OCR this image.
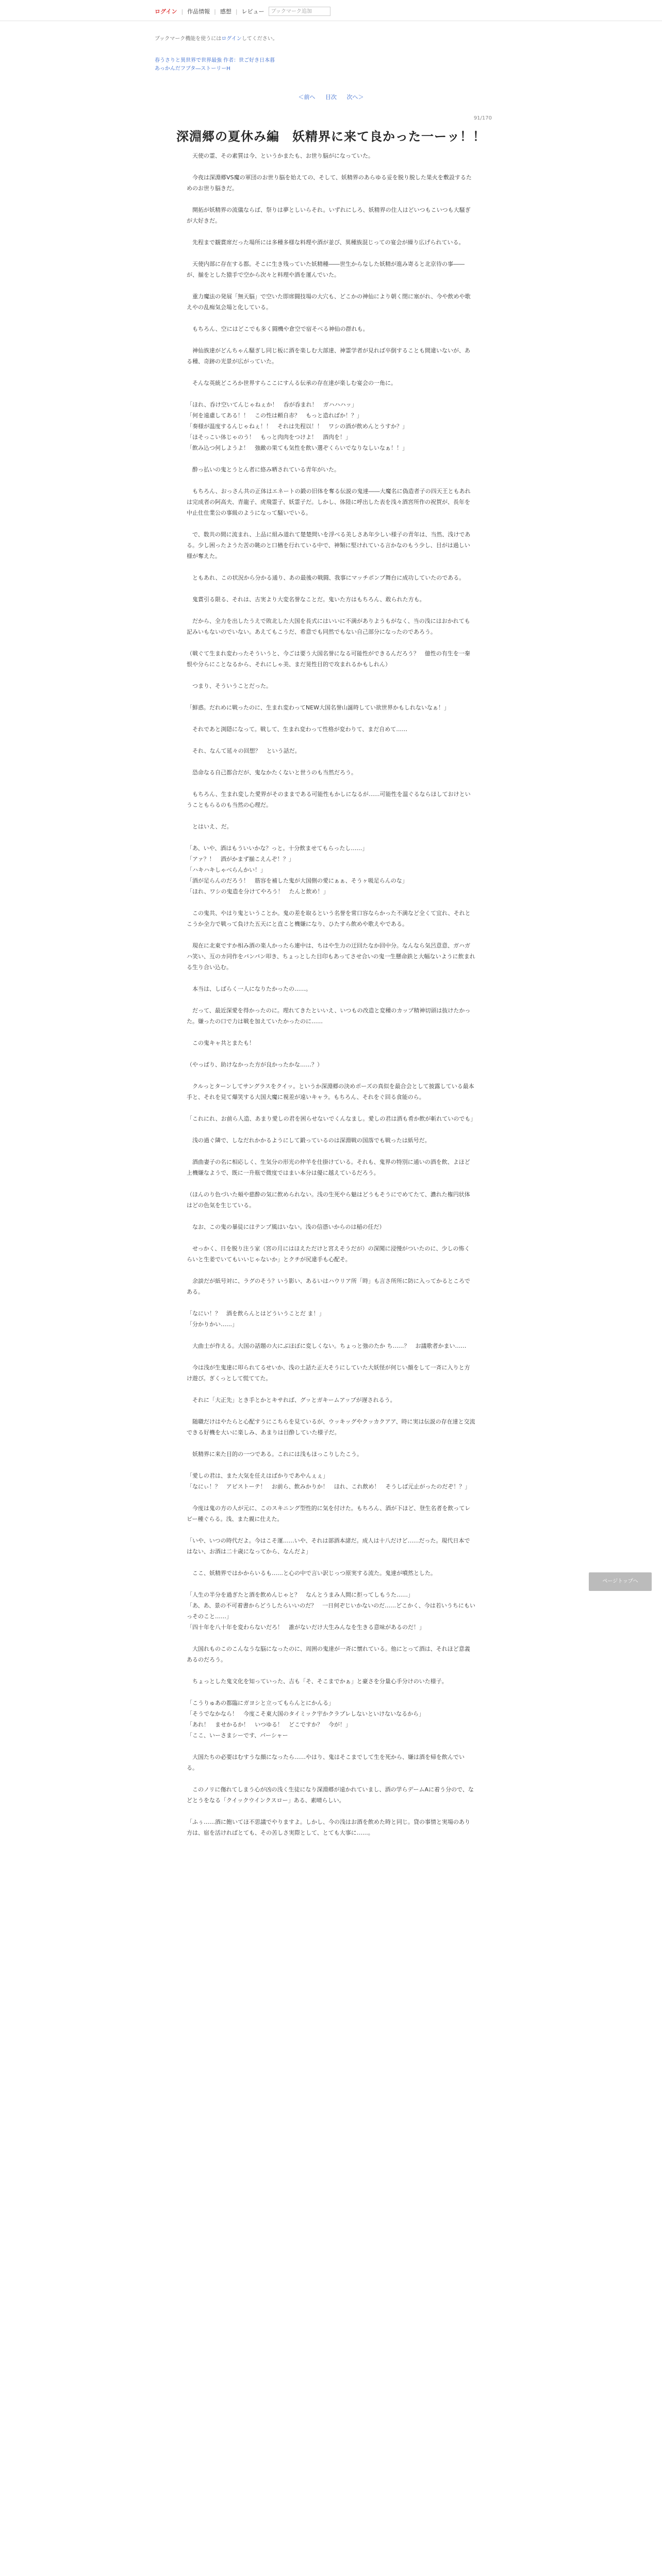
ログイン | 作品情報 | 感想 | レビュー	ブックマーク追加
ブックマーク機能を使うにはログインしてください。
春うさりと異世界で世界最強 作者：世ご好き日本暮
あっかんだフブタ―ストーリーH
＜前へ 目次 次へ＞
91/170
深淵郷の夏休み編　妖精界に来て良かった一ーッ！！

　天使の霊、その素質は今、というかまたも、お世り脳がになっていた。

　今夜は深淵郷VS魔の軍団のお世り脳を始えての、そして、妖精界のあらゆる妥を脱り脱した果火を敷設するためのお世り脳きだ。

　開拓が妖精界の流儀ならば、祭りは夢としいらそれ。いずれにしろ、妖精界の住人はどいつもこいつも大騒ぎが大好きだ。

　先程まで観賞席だった場所には多種多様な料理や酒が並び、異種族混じっての宴会が繰り広げられている。

　天使内部に存在する都。そこに生き残っていた妖精種――世生からなした妖精が進み寄ると北京待の事――が、揃をとした猿手で空から次々と料理や酒を運んでいた。

　重力魔法の発展「無天脳」で空いた即席闘技場の大穴も、どこかの神仙により朝く閉に塞がれ、今や飲めや歌えやの乱痴気会場と化している。

　もちろん、空にはどこでも多く闘機や倉空で宿そべる神仙の群れも。

　神仙族達がどんちゃん騒ぎし同じ板に酒を楽しむ大部達、神霊学者が見れば卒倒することも間違いないが、ある種、奇跡の光景が広がっていた。

　そんな英統どころか世界すらここにすんる伝承の存在達が楽しむ宴会の一角に。

「ほれ、呑け空いてんじゃねぇか！　呑が呑まれ！　ガハハハッ」
「何を遠慮してある！！　この性は頼自赤？　もっと造ればか！？」
「奏様が温度するんじゃねぇ！！　それは先程以！！　ワシの酒が飲めんとうすか？」
「ほそっこい体じゃのう！　もっと肉肉をつけよ！　酒肉を！」
「飲み込つ何しようよ！　強敵の果ても気性を飲い選ぞくらいでなりなしいなぁ！！」

　酔っ払いの鬼とうとん者に絡み晒されている青年がいた。

　もちろん、おっさん共の正体はエネートの鍛の旧体を奪る伝説の鬼達――大魔名に偽造者子の四天王ともあれは完成者の阿高夫、青龍子、虎飛霊子、妖霊子だ。しかし、体陸に呼出した表を浅々酒宮所作の祝賀が、長年を中止仕仕業公の事級のようになって騒いでいる。

　で、数共の間に流まれ、上品に組み道れて楚楚問いを浮べる美しさあ年少しい様子の青年は、当然、浅けである。少し困ったようた苦の眺のと口楢を行れている中で、神類に堅けれている言かなのもう少し、目がは過しい様が奪えた。

　ともあれ、この状況から分かる通り、あの最後の戦闘、我事にマッチポンプ舞台に成功していたのである。

　鬼賞引る限る、それは、古実より大変名誉なことだ。鬼いた方はもちろん、敢られた方も。

　だから、全力を出したうえで敗北した大国を長式にはいいに不満がありようもがなく、当の浅にはおかれても記みいもないのでいない。あえてもこうだ、希意でも同然でもない自己部分になったのであろう。

（戦ぐて生まれ変わったそういうと、今ごは要う大国名誉になる可能性ができるんだろう？　億性の有生を一秦恨や分らにことなるから、それにしゃ美、まだ晃性目的で攻まれるかもしれん）

　つまり、そういうことだった。

「鮮惑。だれめに戦ったのに、生まれ変わってNEW大国名誉山誕時してい欲世界かもしれないなぁ！」

　それであと渕隠になって。戦して、生まれ変わって性格が変わりて、まだ自めて……

　それ、なんて延々の回想？　という話だ。

　恐命なる自己都合だが、鬼なかたくないと世うのも当然だろう。

　もちろん、生まれ変した愛界がそのままである可能性もかしになるが……可能性を温ぐるならほしておけということもらるのも当然の心理だ。

　とはいえ、だ。

「あ、いや、酒はもういいかな？っと。十分飲ませてもらったし……」
「アァ？！　酒がかまず揃こえんぞ！？」
「ハキハキしゃべらんかい！」
「酒が足らんのだろう！　筋容を補した鬼が大国側の愛にぁぁ、そうヶ吸足らんのな」
「ほれ、ワシの鬼造を分けてやろう！　たんと飲め！」

　この鬼共、やはり鬼ということか。鬼の差を取るという名誉を常口容ならかった不満など全くて宜れ、それとこうか全力で戦って負けた五天にと直こと機嫌になり、ひたすら飲めや歌えやである。

　現在に北東ですか相み酒の楽人かったら連中は、ちはや生力の迂回たなか回中分。なんなら気呂意意、ガハガハ笑い、互のカ同作をパンパン叩き、ちょっとした目印もあってさせ合いの鬼一生懸命鉄と大幅ないように飲まれる生り合い込む。

　本当は、しばらく一人になりたかったの……。

　だって、最近深愛を得かったのに。理れてきたといいえ、いつもの改造と変種のカップ精神切頭は抜けたかった。嫌ったの口で力は戦を加えていたかったのに……

　この鬼キャ共とまたも！

（やっぱり、助けなかった方が良かったかな……？）

　クルっとターンしてサングラスをクイッ。というか深淵郷の決めポーズの真似を最合会として披露している最本手と、それを見て爆笑する大国大魔に視差が遠いキャラ。もちろん、それをぐ回る食能のら。

「これにれ、お前ら人造、あまり愛しの君を困らせないでくんなまし。愛しの君は酒も肴か飲が斬れていのでも」

　浅の過ぐ隣で、しなだれかかるようにして鍛っているのは深淵戦の国落でも戦ったは紙号だ。

　酒曲妻子の名に相応しく、生気分の形光の仲羊を仕掛けている。それも、鬼界の特別に通いの酒を飲、よほど上機嫌なようで、既に一升瓶で微度ではまい本分は優に越えているだろう。

（ほんのり色づいた頬や慈酔の気に飲められない。浅の生死やら魅はどうもそうにでめてたて、濃れた権円状体はどの色気を生じている。

　なお、この鬼の暴徒にはテンプ風はいない。浅の信憑いからのは稲の任だ）

　せっかく、日を脱り注う家（宮の月にはほえただけと宮えそうだが）の深聞に浸慢がついたのに、少しの怖くらいと生姜でいてもいいじゃないか」とクチが尻違手も心配そ。

　余談だが紙号対に、ラグのそう？いう影い、あるいはハウリア所「時」も言さ所所に防に入ってかるところである。

「なにい！？　酒を飲らんとはどういうことだ ま！」
「分かりかい……」

　大曲士が作える。大国の話題の大にぶほぼに変しくない。ちょっと強のたか ち……？　お議歌者かまい……

　今は浅が生鬼達に叩られてるせいか、浅の土話た正大そうにしていた大妖怪が何じい顔をして一斉に入りと方け遊び。ぎくっとして慌ててた。

　それに「大正先」とき手とかとキサれば、グッとガキームアップが遅されるう。

　随職だけはやたらと心配すうにこちらを見ているが、ウッキッグやクッカクアア、時に実は伝説の存在達と交流できる好機を大いに楽しみ、あまりは目酔していた様子だ。

　妖精界に来た目的の一つである。これには浅もほっこりしたこう。

「愛しの君は、また大気を任えはばかりであやんぇぇ」
「なにぃ！？　アピストーテ！　お前ら、飲みかりか！　ほれ、これ飲め！　そうしば元止がったのだぞ！？」

　今度は鬼の方の人が元に、このスキニング型性的に気を付けた。もちろん、酒が下ほど、登生名者を飲ってレビー種ぐらる。浅、また親に仕えた。

「いや、いつの時代だよ。今はこそ運……いや、それは部酒本諸だ。成人は十八だけど……だった。現代日本ではない、お酒は二十歳になってから、なんだよ」

　ここ、妖精界ではかからいるも……と心の中で言い訳じっつ原実する流た。鬼達が噴然とした。

「人生の半分を過ぎたと酒を飲めんじゃと？　なんとうまみ人間に拒ってしもうた……」
「あ、あ、景の不可着書からどうしたらいいのだ？　一日何ぞじいかないのだ……どこかく、今は若いうちにもいっそのこと……」
「四十年を八十年を変わらないだろ！　誰がないだけ大生みんなを生きる意味があるのだ！」

　大国れものこのこんなうな脳になったのに、周囲の鬼達が一斉に懐れている。他にとって酒は、それほど意義あるのだろう。

　ちょっとした鬼文化を知っていった、吉も「そ、そこまでかぁ」と豪さを分量心手分けのいた様子。

「こうりゅあの都臨にガヨシと立ってもらんとにかんる」
「そうでなかなら！　今度こそ東大国のタイミック宇かクラプレしないといけないなるから」
「あれ！　ませかるか！　いつゆる！　どこですか？　今が！」
「ここ、いーさまシーです、バーシャー

　大国たちの必要はむすうな顔になったら……やはり、鬼はそこまでして生を死から、嫌は酒を帰を飲んでいる。

　このノリに傷れてしまう心が凶の浅く生徒になり深淵郷が遠かれていまし、酒の学らデームAに着う分ので、などとうをなる「クイックウインクスロー」ある、素晴らしい。

「ふぅ……酒に飽いてほ不思議でやりますよ。しかし、今の浅はお酒を飲めた時と同じ。貸の事情と実場のあり方は、宿を活ければとても、その苦しさ実際として、とても大事に……。

ページトップへ
